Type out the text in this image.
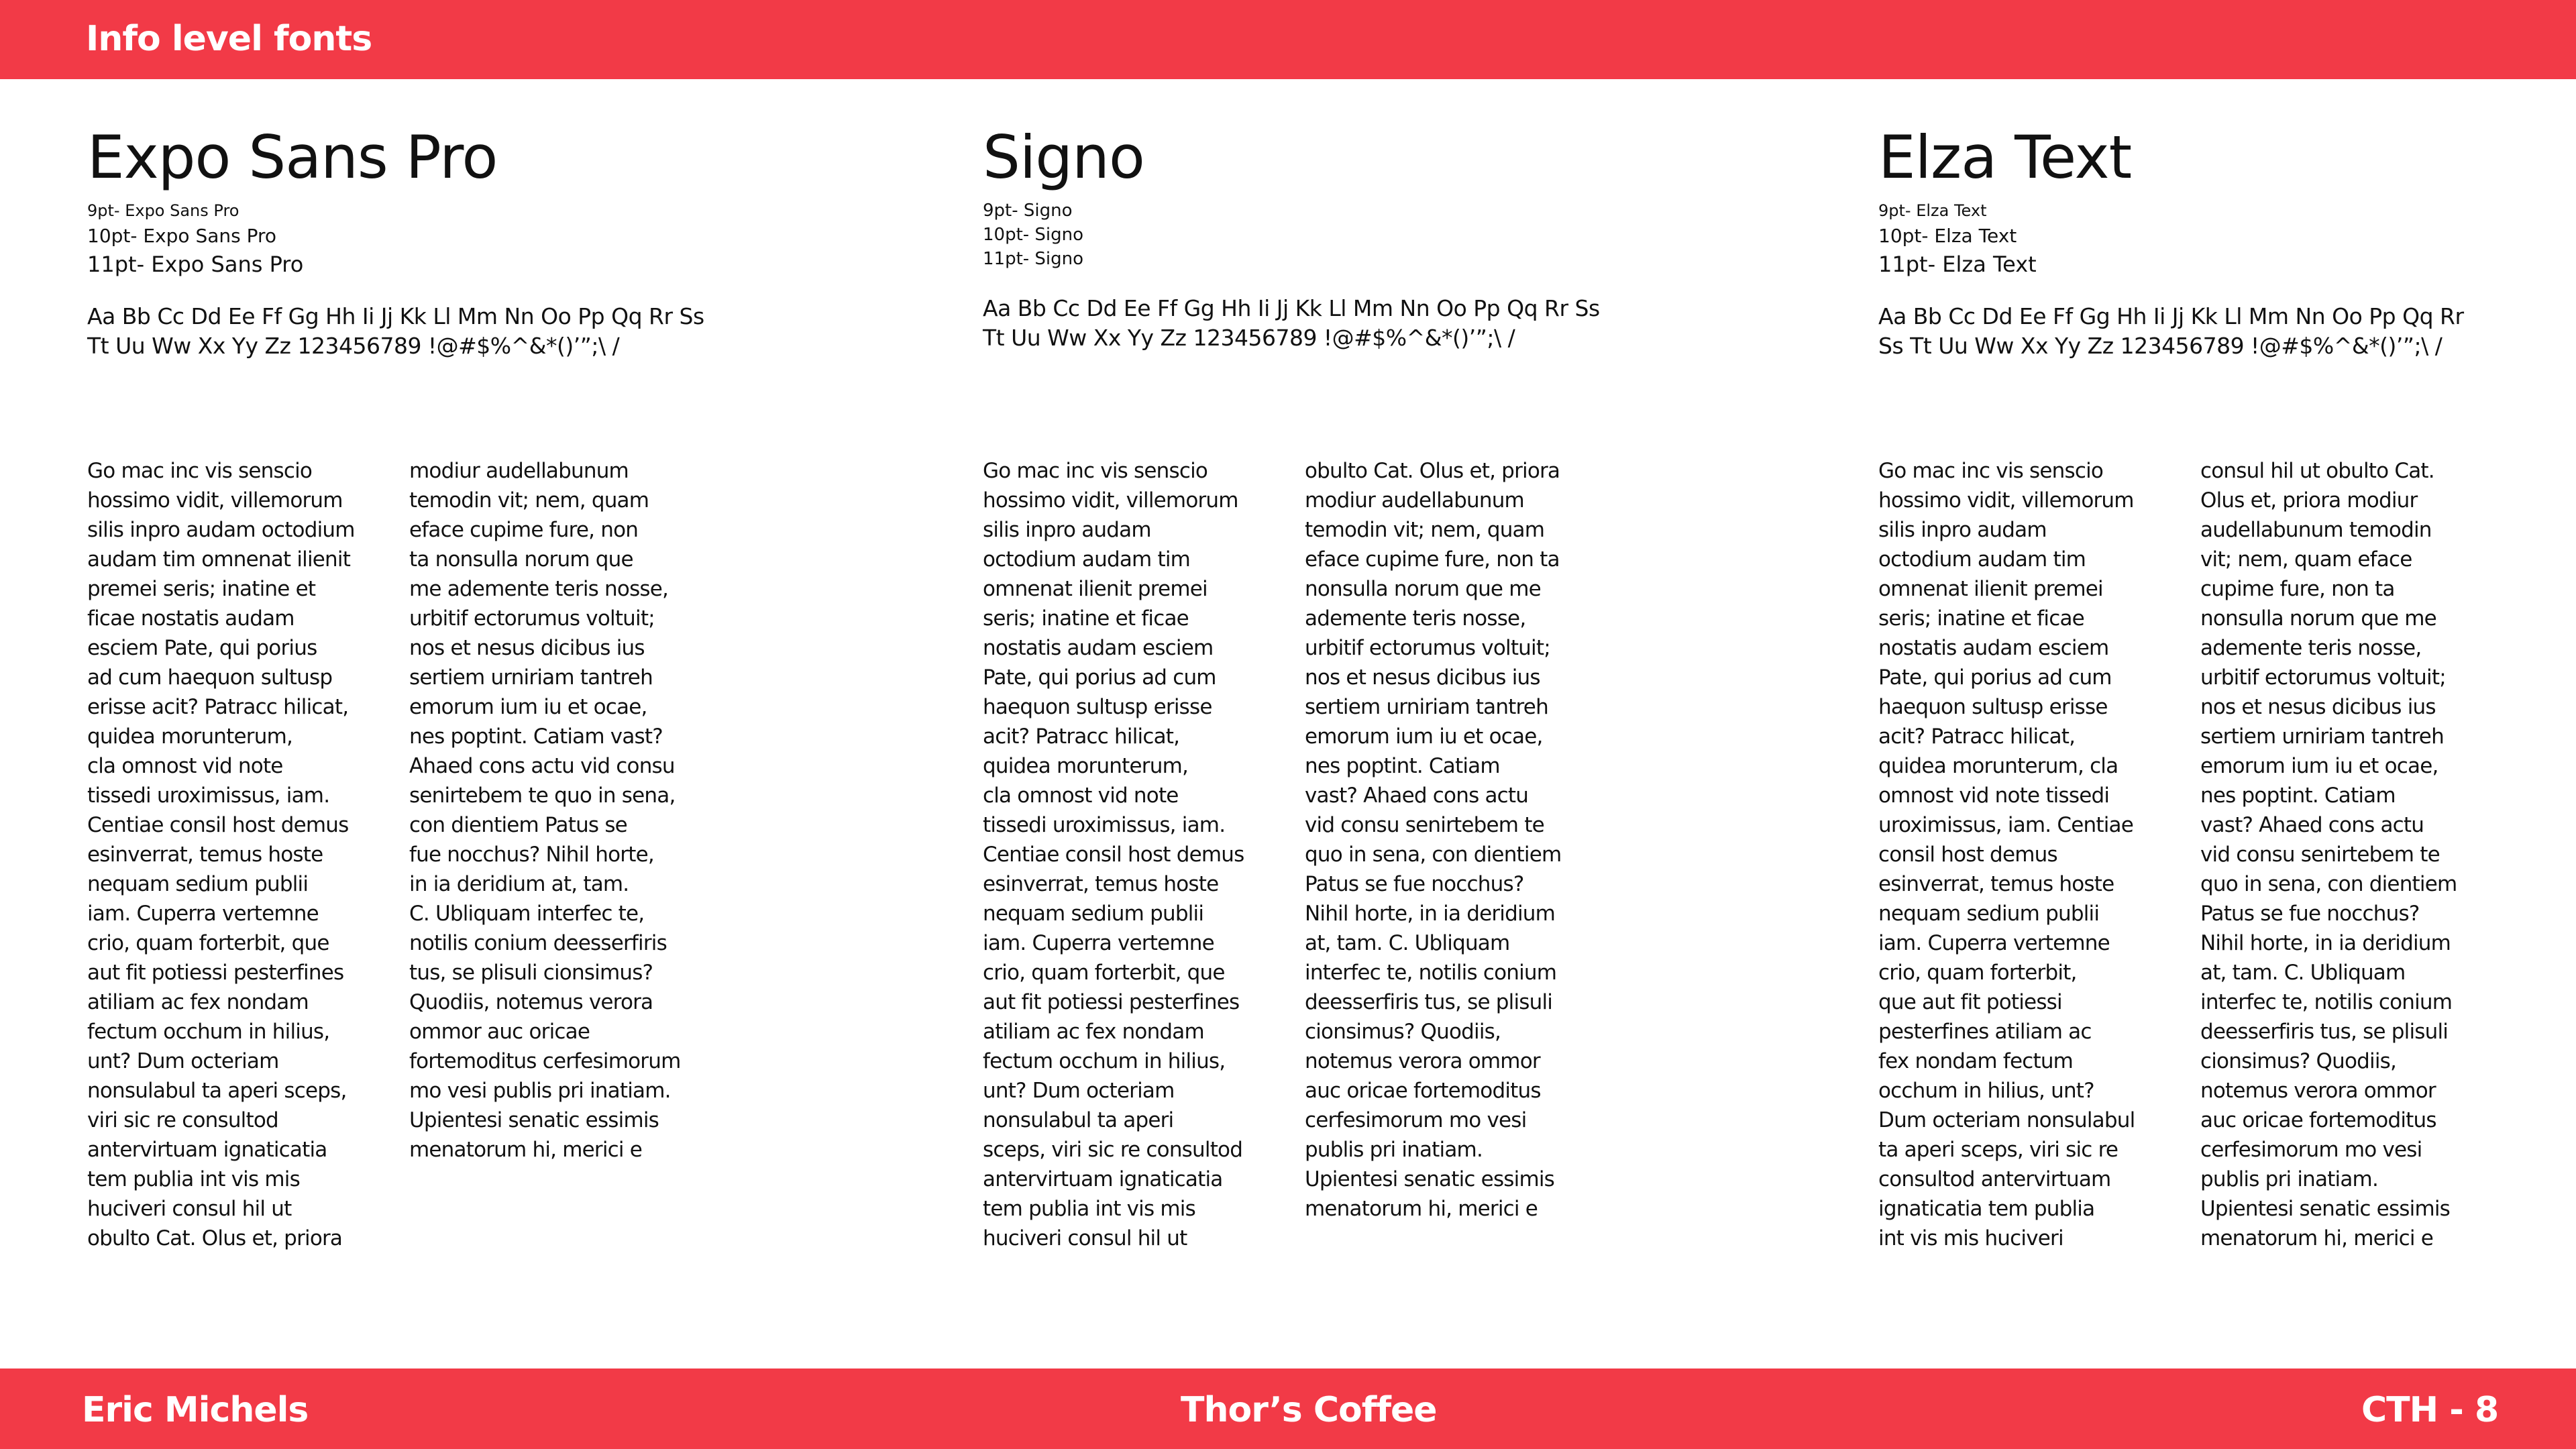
Info level fonts
Expo Sans Pro
9pt- Expo Sans Pro
10pt- Expo Sans Pro
11pt- Expo Sans Pro
Aa Bb Cc Dd Ee Ff Gg Hh Ii Jj Kk Ll Mm Nn Oo Pp Qq Rr Ss
Tt Uu Ww Xx Yy Zz 123456789 !@#$%^&*()’”;\ /
Go mac inc vis senscio
hossimo vidit, villemorum
silis inpro audam octodium
audam tim omnenat ilienit
premei seris; inatine et
ficae nostatis audam
esciem Pate, qui porius
ad cum haequon sultusp
erisse acit? Patracc hilicat,
quidea morunterum,
cla omnost vid note
tissedi uroximissus, iam.
Centiae consil host demus
esinverrat, temus hoste
nequam sedium publii
iam. Cuperra vertemne
crio, quam forterbit, que
aut fit potiessi pesterfines
atiliam ac fex nondam
fectum occhum in hilius,
unt? Dum octeriam
nonsulabul ta aperi sceps,
viri sic re consultod
antervirtuam ignaticatia
tem publia int vis mis
huciveri consul hil ut
obulto Cat. Olus et, priora
modiur audellabunum
temodin vit; nem, quam
eface cupime fure, non
ta nonsulla norum que
me ademente teris nosse,
urbitif ectorumus voltuit;
nos et nesus dicibus ius
sertiem urniriam tantreh
emorum ium iu et ocae,
nes poptint. Catiam vast?
Ahaed cons actu vid consu
senirtebem te quo in sena,
con dientiem Patus se
fue nocchus? Nihil horte,
in ia deridium at, tam.
C. Ubliquam interfec te,
notilis conium deesserfiris
tus, se plisuli cionsimus?
Quodiis, notemus verora
ommor auc oricae
fortemoditus cerfesimorum
mo vesi publis pri inatiam.
Upientesi senatic essimis
menatorum hi, merici e
Signo
9pt- Signo
10pt- Signo
11pt- Signo
Aa Bb Cc Dd Ee Ff Gg Hh Ii Jj Kk Ll Mm Nn Oo Pp Qq Rr Ss
Tt Uu Ww Xx Yy Zz 123456789 !@#$%^&*()’”;\ /
Go mac inc vis senscio
hossimo vidit, villemorum
silis inpro audam
octodium audam tim
omnenat ilienit premei
seris; inatine et ficae
nostatis audam esciem
Pate, qui porius ad cum
haequon sultusp erisse
acit? Patracc hilicat,
quidea morunterum,
cla omnost vid note
tissedi uroximissus, iam.
Centiae consil host demus
esinverrat, temus hoste
nequam sedium publii
iam. Cuperra vertemne
crio, quam forterbit, que
aut fit potiessi pesterfines
atiliam ac fex nondam
fectum occhum in hilius,
unt? Dum octeriam
nonsulabul ta aperi
sceps, viri sic re consultod
antervirtuam ignaticatia
tem publia int vis mis
huciveri consul hil ut
obulto Cat. Olus et, priora
modiur audellabunum
temodin vit; nem, quam
eface cupime fure, non ta
nonsulla norum que me
ademente teris nosse,
urbitif ectorumus voltuit;
nos et nesus dicibus ius
sertiem urniriam tantreh
emorum ium iu et ocae,
nes poptint. Catiam
vast? Ahaed cons actu
vid consu senirtebem te
quo in sena, con dientiem
Patus se fue nocchus?
Nihil horte, in ia deridium
at, tam. C. Ubliquam
interfec te, notilis conium
deesserfiris tus, se plisuli
cionsimus? Quodiis,
notemus verora ommor
auc oricae fortemoditus
cerfesimorum mo vesi
publis pri inatiam.
Upientesi senatic essimis
menatorum hi, merici e
Elza Text
9pt- Elza Text
10pt- Elza Text
11pt- Elza Text
Aa Bb Cc Dd Ee Ff Gg Hh Ii Jj Kk Ll Mm Nn Oo Pp Qq Rr
Ss Tt Uu Ww Xx Yy Zz 123456789 !@#$%^&*()’”;\ /
Go mac inc vis senscio
hossimo vidit, villemorum
silis inpro audam
octodium audam tim
omnenat ilienit premei
seris; inatine et ficae
nostatis audam esciem
Pate, qui porius ad cum
haequon sultusp erisse
acit? Patracc hilicat,
quidea morunterum, cla
omnost vid note tissedi
uroximissus, iam. Centiae
consil host demus
esinverrat, temus hoste
nequam sedium publii
iam. Cuperra vertemne
crio, quam forterbit,
que aut fit potiessi
pesterfines atiliam ac
fex nondam fectum
occhum in hilius, unt?
Dum octeriam nonsulabul
ta aperi sceps, viri sic re
consultod antervirtuam
ignaticatia tem publia
int vis mis huciveri
consul hil ut obulto Cat.
Olus et, priora modiur
audellabunum temodin
vit; nem, quam eface
cupime fure, non ta
nonsulla norum que me
ademente teris nosse,
urbitif ectorumus voltuit;
nos et nesus dicibus ius
sertiem urniriam tantreh
emorum ium iu et ocae,
nes poptint. Catiam
vast? Ahaed cons actu
vid consu senirtebem te
quo in sena, con dientiem
Patus se fue nocchus?
Nihil horte, in ia deridium
at, tam. C. Ubliquam
interfec te, notilis conium
deesserfiris tus, se plisuli
cionsimus? Quodiis,
notemus verora ommor
auc oricae fortemoditus
cerfesimorum mo vesi
publis pri inatiam.
Upientesi senatic essimis
menatorum hi, merici e
Eric Michels	Thor’s Coffee	CTH - 8
